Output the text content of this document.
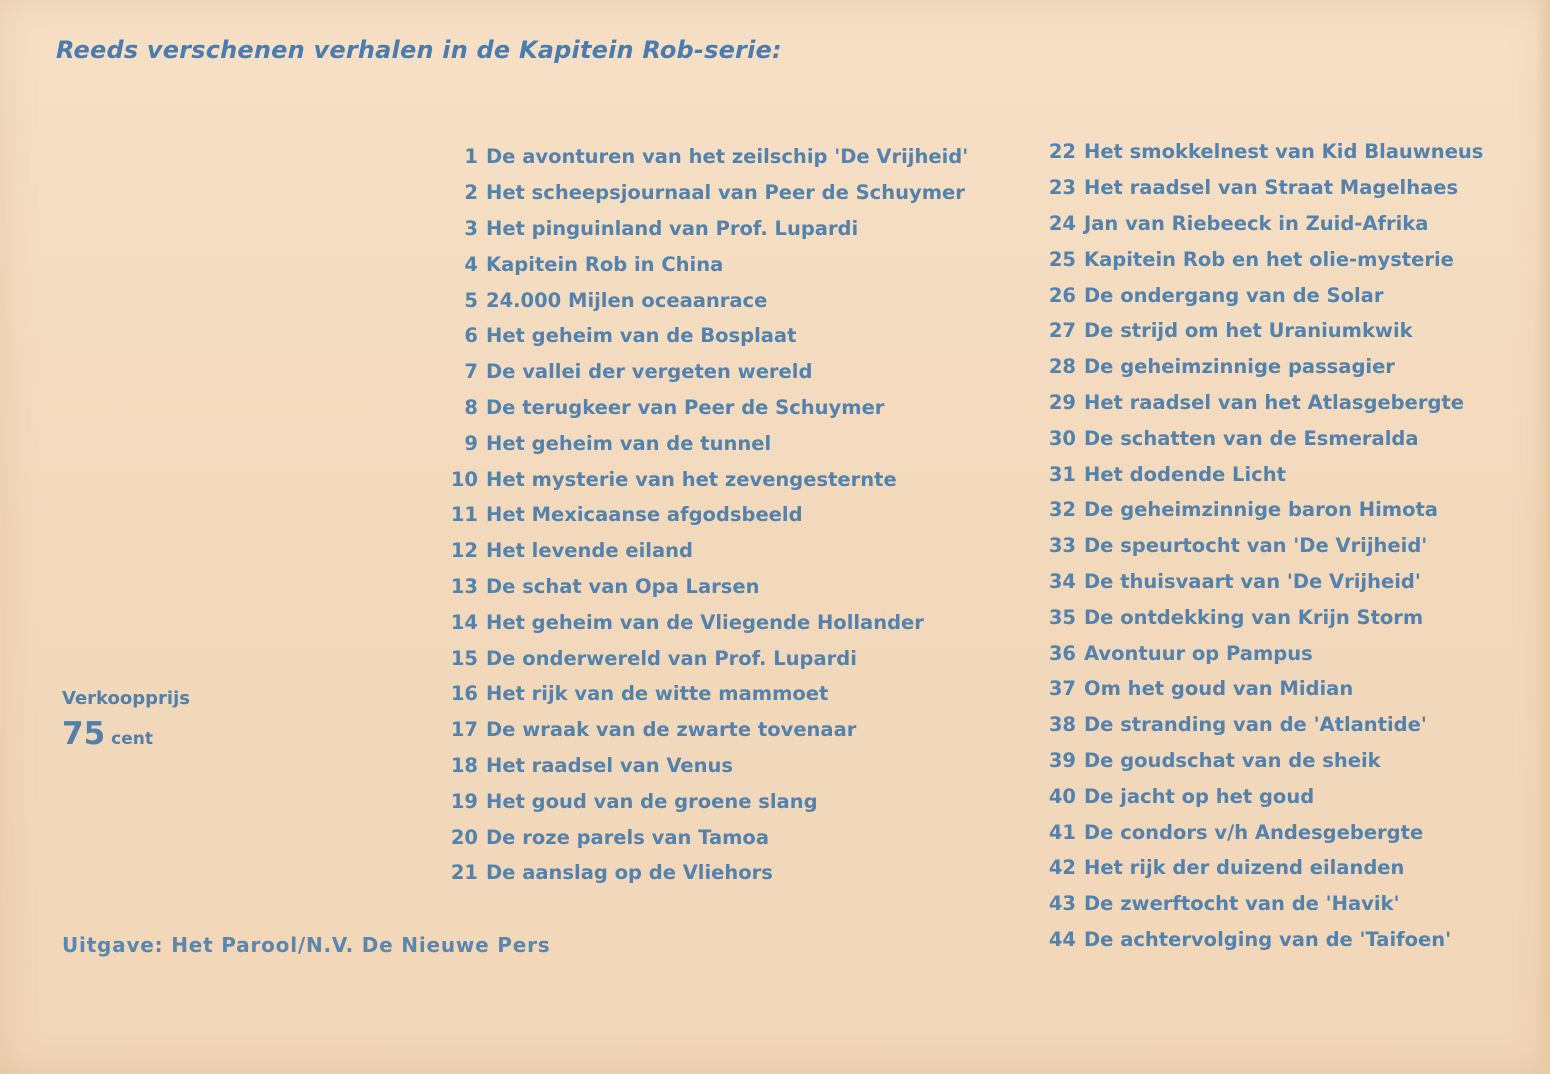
Reeds verschenen verhalen in de Kapitein Rob-serie:
1 De avonturen van het zeilschip 'De Vrijheid'
2 Het scheepsjournaal van Peer de Schuymer
3 Het pinguinland van Prof. Lupardi
4 Kapitein Rob in China
5 24.000 Mijlen oceaanrace
6 Het geheim van de Bosplaat
7 De vallei der vergeten wereld
8 De terugkeer van Peer de Schuymer
9 Het geheim van de tunnel
10 Het mysterie van het zevengesternte
11 Het Mexicaanse afgodsbeeld
12 Het levende eiland
13 De schat van Opa Larsen
14 Het geheim van de Vliegende Hollander
15 De onderwereld van Prof. Lupardi
16 Het rijk van de witte mammoet
17 De wraak van de zwarte tovenaar
18 Het raadsel van Venus
19 Het goud van de groene slang
20 De roze parels van Tamoa
21 De aanslag op de Vliehors
22 Het smokkelnest van Kid Blauwneus
23 Het raadsel van Straat Magelhaes
24 Jan van Riebeeck in Zuid-Afrika
25 Kapitein Rob en het olie-mysterie
26 De ondergang van de Solar
27 De strijd om het Uraniumkwik
28 De geheimzinnige passagier
29 Het raadsel van het Atlasgebergte
30 De schatten van de Esmeralda
31 Het dodende Licht
32 De geheimzinnige baron Himota
33 De speurtocht van 'De Vrijheid'
34 De thuisvaart van 'De Vrijheid'
35 De ontdekking van Krijn Storm
36 Avontuur op Pampus
37 Om het goud van Midian
38 De stranding van de 'Atlantide'
39 De goudschat van de sheik
40 De jacht op het goud
41 De condors v/h Andesgebergte
42 Het rijk der duizend eilanden
43 De zwerftocht van de 'Havik'
44 De achtervolging van de 'Taifoen'
Verkoopprijs
75 cent
Uitgave: Het Parool/N.V. De Nieuwe Pers
